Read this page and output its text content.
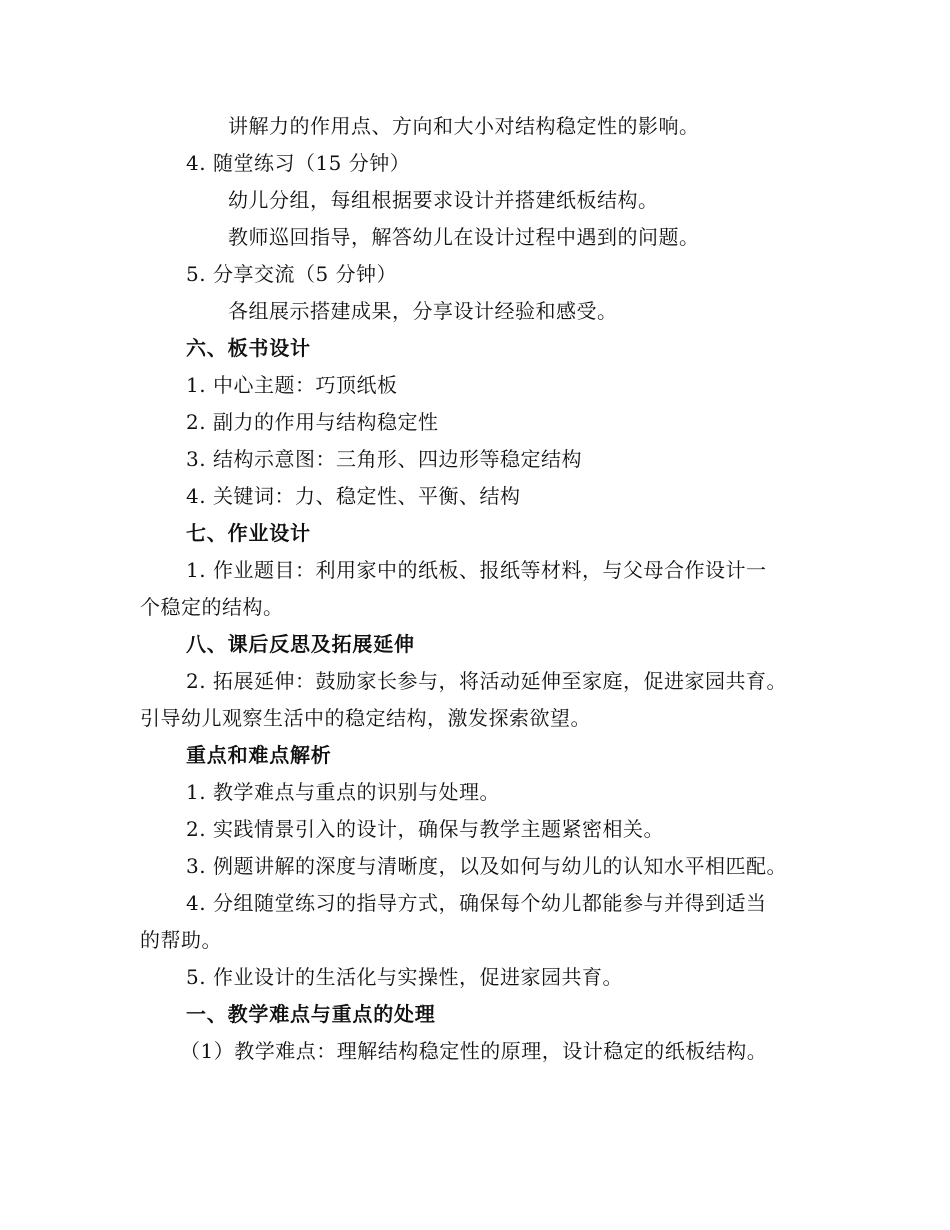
讲解力的作用点、方向和大小对结构稳定性的影响。
4. 随堂练习（15 分钟）
幼儿分组，每组根据要求设计并搭建纸板结构。
教师巡回指导，解答幼儿在设计过程中遇到的问题。
5. 分享交流（5 分钟）
各组展示搭建成果，分享设计经验和感受。
六、板书设计
1. 中心主题：巧顶纸板
2. 副力的作用与结构稳定性
3. 结构示意图：三角形、四边形等稳定结构
4. 关键词：力、稳定性、平衡、结构
七、作业设计
1. 作业题目：利用家中的纸板、报纸等材料，与父母合作设计一
个稳定的结构。
八、课后反思及拓展延伸
2. 拓展延伸：鼓励家长参与，将活动延伸至家庭，促进家园共育。
引导幼儿观察生活中的稳定结构，激发探索欲望。
重点和难点解析
1. 教学难点与重点的识别与处理。
2. 实践情景引入的设计，确保与教学主题紧密相关。
3. 例题讲解的深度与清晰度，以及如何与幼儿的认知水平相匹配。
4. 分组随堂练习的指导方式，确保每个幼儿都能参与并得到适当
的帮助。
5. 作业设计的生活化与实操性，促进家园共育。
一、教学难点与重点的处理
（1）教学难点：理解结构稳定性的原理，设计稳定的纸板结构。
